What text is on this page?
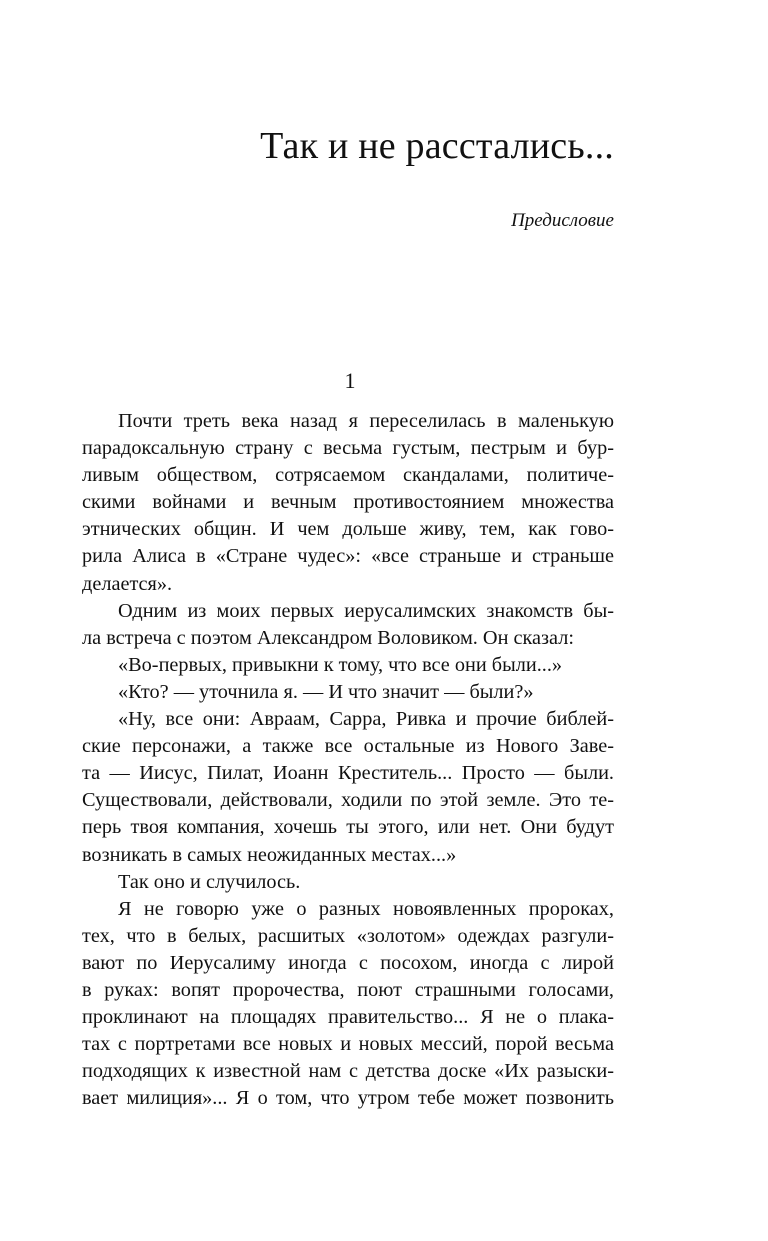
Так и не расстались...
Предисловие
1
Почти треть века назад я переселилась в маленькую
парадоксальную страну с весьма густым, пестрым и бур-
ливым обществом, сотрясаемом скандалами, политиче-
скими войнами и вечным противостоянием множества
этнических общин. И чем дольше живу, тем, как гово-
рила Алиса в «Стране чудес»: «все страньше и страньше
делается».
Одним из моих первых иерусалимских знакомств бы-
ла встреча с поэтом Александром Воловиком. Он сказал:
«Во-первых, привыкни к тому, что все они были...»
«Кто? — уточнила я. — И что значит — были?»
«Ну, все они: Авраам, Сарра, Ривка и прочие библей-
ские персонажи, а также все остальные из Нового Заве-
та — Иисус, Пилат, Иоанн Креститель... Просто — были.
Существовали, действовали, ходили по этой земле. Это те-
перь твоя компания, хочешь ты этого, или нет. Они будут
возникать в самых неожиданных местах...»
Так оно и случилось.
Я не говорю уже о разных новоявленных пророках,
тех, что в белых, расшитых «золотом» одеждах разгули-
вают по Иерусалиму иногда с посохом, иногда с лирой
в руках: вопят пророчества, поют страшными голосами,
проклинают на площадях правительство... Я не о плака-
тах с портретами все новых и новых мессий, порой весьма
подходящих к известной нам с детства доске «Их разыски-
вает милиция»... Я о том, что утром тебе может позвонить
